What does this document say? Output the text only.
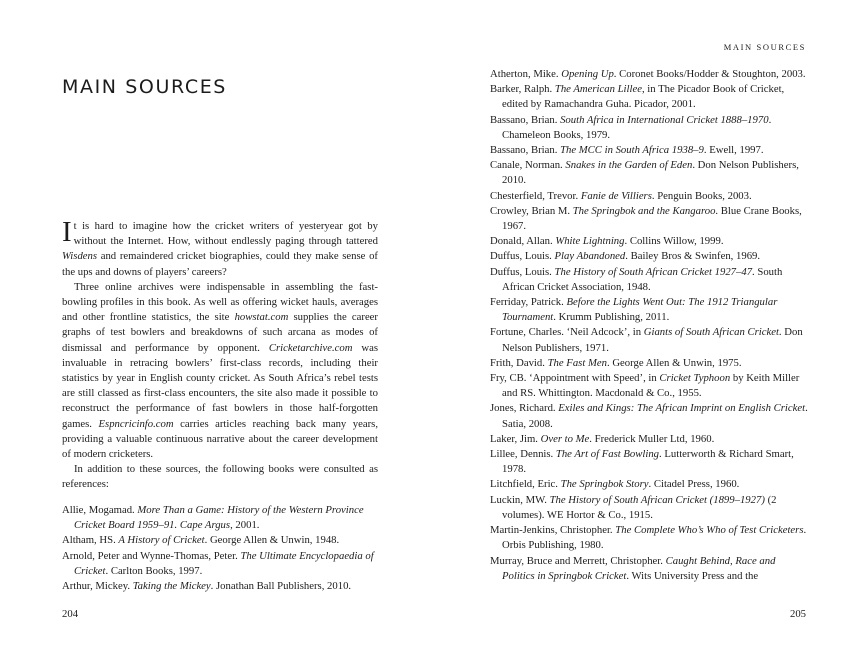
MAIN SOURCES

It is hard to imagine how the cricket writers of yesteryear got by without the Internet. How, without endlessly paging through tattered Wisdens and remaindered cricket biographies, could they make sense of the ups and downs of players’ careers?

Three online archives were indispensable in assembling the fast-bowling profiles in this book. As well as offering wicket hauls, averages and other frontline statistics, the site howstat.com supplies the career graphs of test bowlers and breakdowns of such arcana as modes of dismissal and performance by opponent. Cricketarchive.com was invaluable in retracing bowlers’ first-class records, including their statistics by year in English county cricket. As South Africa’s rebel tests are still classed as first-class encounters, the site also made it possible to reconstruct the performance of fast bowlers in those half-forgotten games. Espncricinfo.com carries articles reaching back many years, providing a valuable continuous narrative about the career development of modern cricketers.

In addition to these sources, the following books were consulted as references:

Allie, Mogamad. More Than a Game: History of the Western Province Cricket Board 1959–91. Cape Argus, 2001.

Altham, HS. A History of Cricket. George Allen & Unwin, 1948.

Arnold, Peter and Wynne-Thomas, Peter. The Ultimate Encyclopaedia of Cricket. Carlton Books, 1997.

Arthur, Mickey. Taking the Mickey. Jonathan Ball Publishers, 2010.

204
MAIN SOURCES

Atherton, Mike. Opening Up. Coronet Books/Hodder & Stoughton, 2003.

Barker, Ralph. The American Lillee, in The Picador Book of Cricket, edited by Ramachandra Guha. Picador, 2001.

Bassano, Brian. South Africa in International Cricket 1888–1970. Chameleon Books, 1979.

Bassano, Brian. The MCC in South Africa 1938–9. Ewell, 1997.

Canale, Norman. Snakes in the Garden of Eden. Don Nelson Publishers, 2010.

Chesterfield, Trevor. Fanie de Villiers. Penguin Books, 2003.

Crowley, Brian M. The Springbok and the Kangaroo. Blue Crane Books, 1967.

Donald, Allan. White Lightning. Collins Willow, 1999.

Duffus, Louis. Play Abandoned. Bailey Bros & Swinfen, 1969.

Duffus, Louis. The History of South African Cricket 1927–47. South African Cricket Association, 1948.

Ferriday, Patrick. Before the Lights Went Out: The 1912 Triangular Tournament. Krumm Publishing, 2011.

Fortune, Charles. ‘Neil Adcock’, in Giants of South African Cricket. Don Nelson Publishers, 1971.

Frith, David. The Fast Men. George Allen & Unwin, 1975.

Fry, CB. ‘Appointment with Speed’, in Cricket Typhoon by Keith Miller and RS. Whittington. Macdonald & Co., 1955.

Jones, Richard. Exiles and Kings: The African Imprint on English Cricket. Satia, 2008.

Laker, Jim. Over to Me. Frederick Muller Ltd, 1960.

Lillee, Dennis. The Art of Fast Bowling. Lutterworth & Richard Smart, 1978.

Litchfield, Eric. The Springbok Story. Citadel Press, 1960.

Luckin, MW. The History of South African Cricket (1899–1927) (2 volumes). WE Hortor & Co., 1915.

Martin-Jenkins, Christopher. The Complete Who’s Who of Test Cricketers. Orbis Publishing, 1980.

Murray, Bruce and Merrett, Christopher. Caught Behind, Race and Politics in Springbok Cricket. Wits University Press and the

205
